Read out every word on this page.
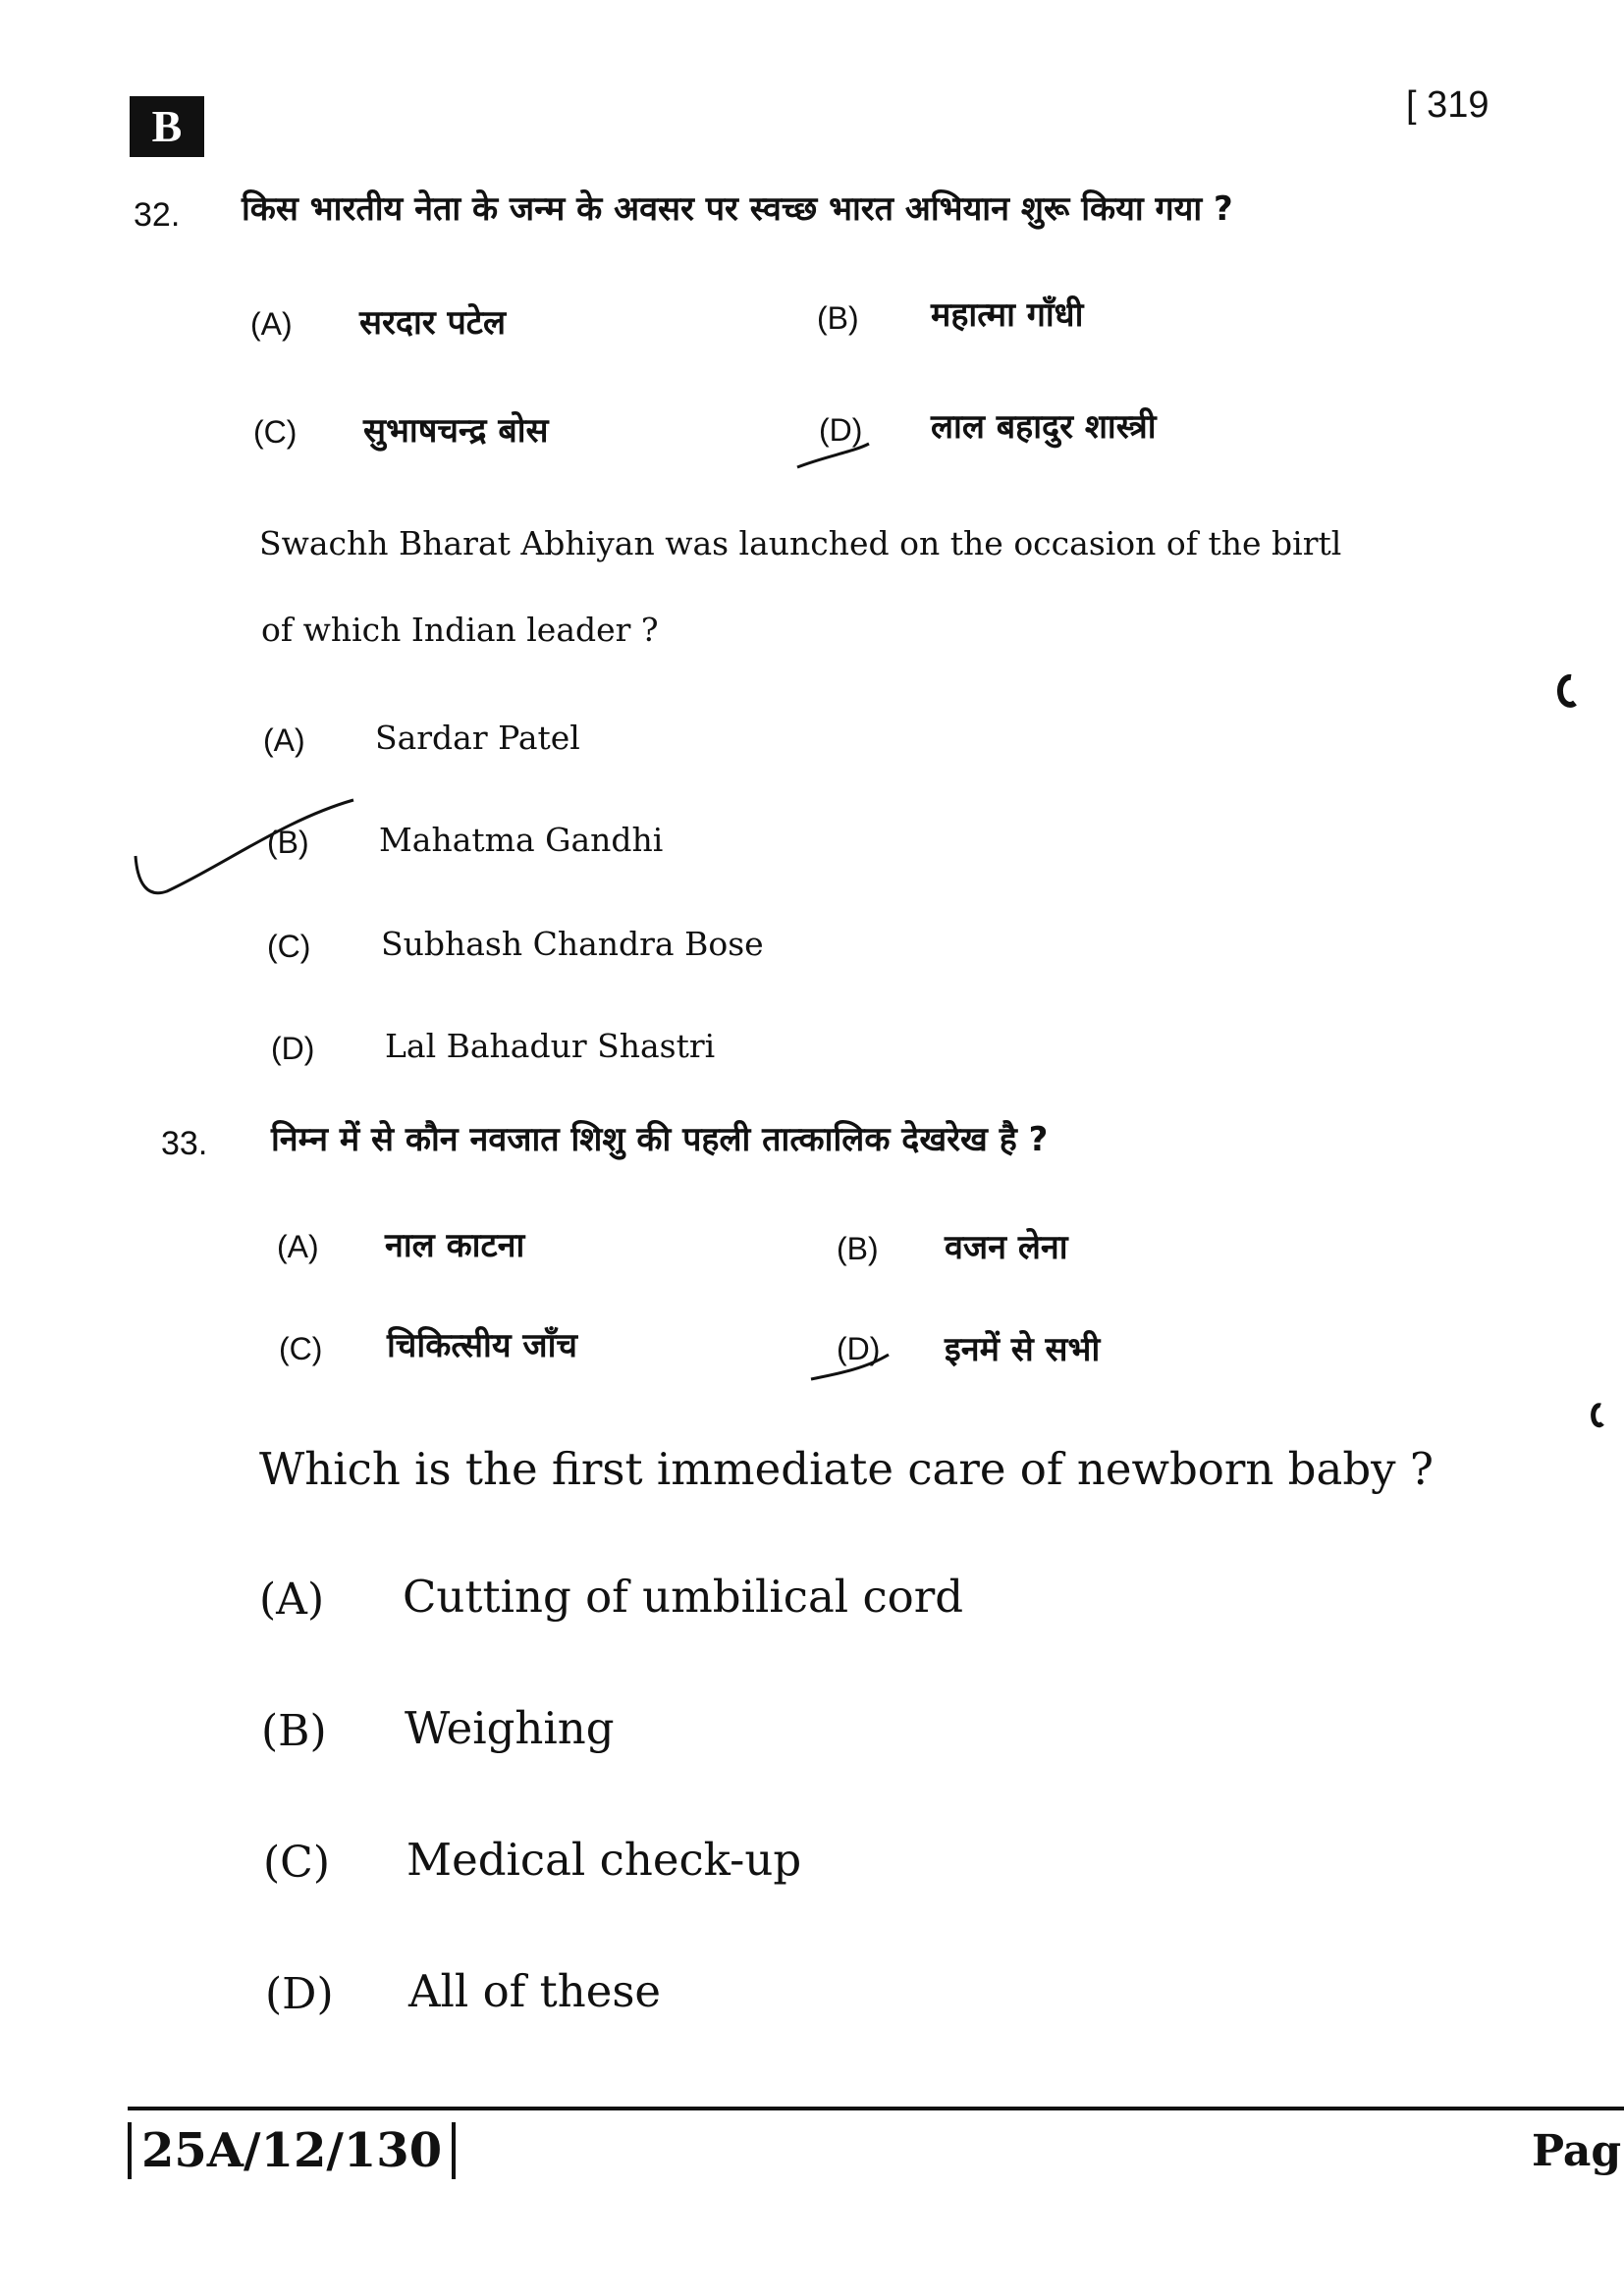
B	[ 319
32. किस भारतीय नेता के जन्म के अवसर पर स्वच्छ भारत अभियान शुरू किया गया ?
(A) सरदार पटेल	(B) महात्मा गाँधी
(C) सुभाषचन्द्र बोस	(D) लाल बहादुर शास्त्री
Swachh Bharat Abhiyan was launched on the occasion of the birtl
of which Indian leader ?
(A) Sardar Patel
(B) Mahatma Gandhi
(C) Subhash Chandra Bose
(D) Lal Bahadur Shastri
33. निम्न में से कौन नवजात शिशु की पहली तात्कालिक देखरेख है ?
(A) नाल काटना	(B) वजन लेना
(C) चिकित्सीय जाँच	(D) इनमें से सभी
Which is the first immediate care of newborn baby ?
(A) Cutting of umbilical cord
(B) Weighing
(C) Medical check-up
(D) All of these
25A/12/130	Pag
